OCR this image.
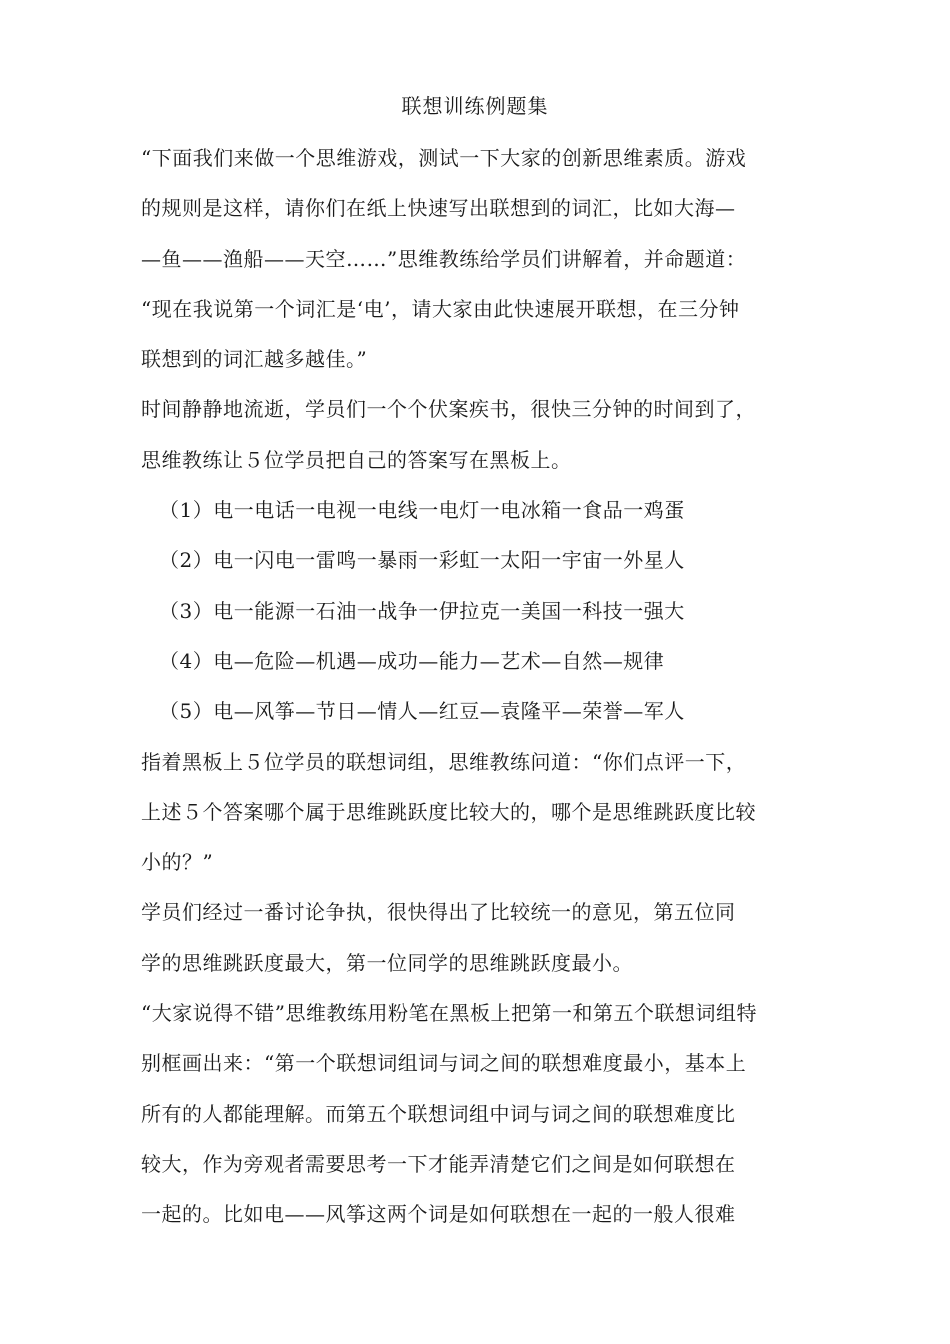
联想训练例题集
“下面我们来做一个思维游戏，测试一下大家的创新思维素质。游戏
的规则是这样，请你们在纸上快速写出联想到的词汇，比如大海—
—鱼——渔船——天空……”思维教练给学员们讲解着，并命题道：
“现在我说第一个词汇是‘电’，请大家由此快速展开联想，在三分钟
联想到的词汇越多越佳。”
时间静静地流逝，学员们一个个伏案疾书，很快三分钟的时间到了，
思维教练让５位学员把自己的答案写在黑板上。
（1）电一电话一电视一电线一电灯一电冰箱一食品一鸡蛋
（2）电一闪电一雷鸣一暴雨一彩虹一太阳一宇宙一外星人
（3）电一能源一石油一战争一伊拉克一美国一科技一强大
（4）电—危险—机遇—成功—能力—艺术—自然—规律
（5）电—风筝—节日—情人—红豆—袁隆平—荣誉—军人
指着黑板上５位学员的联想词组，思维教练问道：“你们点评一下，
上述５个答案哪个属于思维跳跃度比较大的，哪个是思维跳跃度比较
小的？”
学员们经过一番讨论争执，很快得出了比较统一的意见，第五位同
学的思维跳跃度最大，第一位同学的思维跳跃度最小。
“大家说得不错”思维教练用粉笔在黑板上把第一和第五个联想词组特
别框画出来：“第一个联想词组词与词之间的联想难度最小，基本上
所有的人都能理解。而第五个联想词组中词与词之间的联想难度比
较大，作为旁观者需要思考一下才能弄清楚它们之间是如何联想在
一起的。比如电——风筝这两个词是如何联想在一起的一般人很难
